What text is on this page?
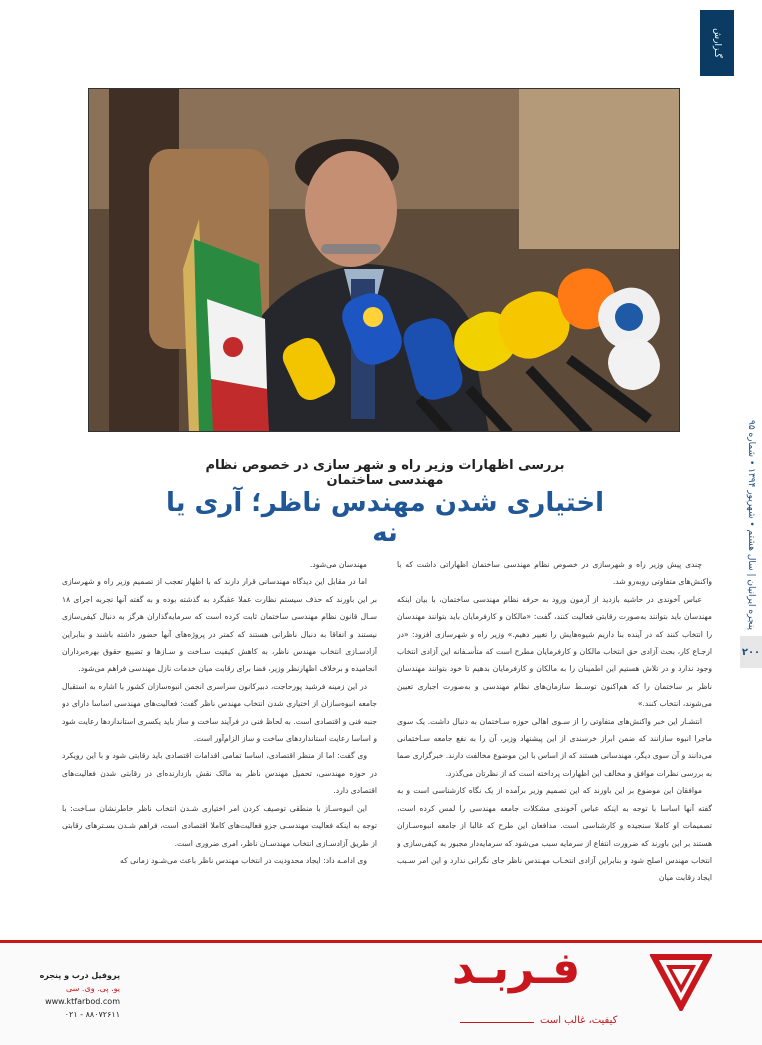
گـزارش
پنجره ایرانیان | سال هشتم • شهریور ۱۳۹۴ • شماره ۹۵
۲۰۰
بررسی اظهارات وزیر راه و شهر سازی در خصوص نظام مهندسی ساختمان
اختیاری شدن مهندس ناظر؛ آری یا نه

چندی پیش وزیر راه و شهرسازی در خصوص نظام مهندسی ساختمان اظهاراتی داشت که با واکنش‌های متفاوتی روبه‌رو شد.

عباس آخوندی در حاشیه بازدید از آزمون ورود به حرفه نظام مهندسی ساختمان، با بیان اینکه مهندسان باید بتوانند به‌صورت رقابتی فعالیت کنند، گفت: «مالکان و کارفرمایان باید بتوانند مهندسان را انتخاب کنند که در آینده بنا داریم شیوه‌هایش را تغییر دهیم.» وزیر راه و شهرسازی افزود: «در ارجـاع کار، بحث آزادی حق انتخاب مالکان و کارفرمایان مطرح است که متأسـفانه این آزادی انتخاب وجود ندارد و در تلاش هستیم این اطمینان را به مالکان و کارفرمایان بدهیم تا خود بتوانند مهندسان ناظر بر ساختمان را که هم‌اکنون توسـط سازمان‌های نظام مهندسی و به‌صورت اجباری تعیین می‌شوند، انتخاب کنند.»

انتشـار این خبر واکنش‌های متفاوتی را از سـوی اهالی حوزه سـاختمان به دنبال داشت. یک سوی ماجرا انبوه سازانند که ضمن ابراز خرسندی از این پیشنهاد وزیر، آن را به نفع جامعه سـاختمانی می‌دانند و آن سوی دیگر، مهندسانی هستند که از اساس با این موضوع مخالفت دارند. خبرگزاری صما به بررسی نظرات موافق و مخالف این اظهارات پرداخته است که از نظرتان می‌گذرد.

موافقان این موضوع بر این باورند که این تصمیم وزیر برآمده از یک نگاه کارشناسی است و به گفته آنها اساسا با توجه به اینکه عباس آخوندی مشکلات جامعه مهندسی را لمس کرده است، تصمیمات او کاملا سنجیده و کارشناسی است. مدافعان این طرح که غالبا از جامعه انبوه‌سـازان هستند بر این باورند که ضرورت انتفاع از سرمایه سبب می‌شود که سرمایه‌دار مجبور به کیفی‌سازی و انتخاب مهندس اصلح شود و بنابراین آزادی انتخـاب مهـندس ناظر جای نگرانی ندارد و این امر سـبب ایجاد رقابت میان

مهندسان می‌شود.

اما در مقابل این دیدگاه مهندسانی قرار دارند که با اظهار تعجب از تصمیم وزیر راه و شهرسازی بر این باورند که حذف سیستم نظارت عملا عقبگرد به گذشته بوده و به گفته آنها تجربه اجرای ۱۸ سـال قانون نظام مهندسی ساختمان ثابت کرده است که سرمایه‌گذاران هرگز به دنبال کیفی‌سازی نیستند و اتفاقا به دنبال ناظرانی هستند که کمتر در پروژه‌های آنها حضور داشته باشند و بنابراین آزادسـازی انتخاب مهندس ناظر، به کاهش کیفیت سـاخت و سـازها و تضییع حقوق بهره‌برداران انجامیده و برخلاف اظهارنظر وزیر، فضا برای رقابت میان خدمات نازل مهندسی فراهم می‌شود.

در این زمینه فرشید پورحاجت، دبیرکانون سراسری انجمن انبوه‌سازان کشور با اشاره به استقبال جامعه انبوه‌سازان از اختیاری شدن انتخاب مهندس ناظر گفت: فعالیت‌های مهندسی اساسا دارای دو جنبه فنی و اقتصادی است. به لحاظ فنی در فرآیند ساخت و ساز باید یکسری استانداردها رعایت شود و اساسا رعایت استانداردهای ساخت و ساز الزام‌آور است.

وی گفت: اما از منظر اقتصادی، اساسا تمامی اقدامات اقتصادی باید رقابتی شود و با این رویکرد در حوزه مهندسی، تحمیل مهندس ناظر به مالک نقش بازدارنده‌ای در رقابتی شدن فعالیت‌های اقتصادی دارد.

این انبوه‌سـاز با منطقی توصیف کردن امر اختیاری شـدن انتخاب ناظر خاطرنشان سـاخت: با توجه به اینکه فعالیت مهندسـی جزو فعالیت‌های کاملا اقتصادی است، فراهم شـدن بسـترهای رقابتی از طریق آزادسـازی انتخاب مهندسـان ناظر، امری ضروری است.

وی ادامـه داد: ایجاد محدودیت در انتخاب مهندس ناظر باعث می‌شـود زمانی که

فـربـد
کیفیت، غالب است
پروفیل درب و پنجره
یو. پی. وی. سی
www.ktfarbod.com
۰۲۱ - ۸۸۰۷۲۶۱۱
